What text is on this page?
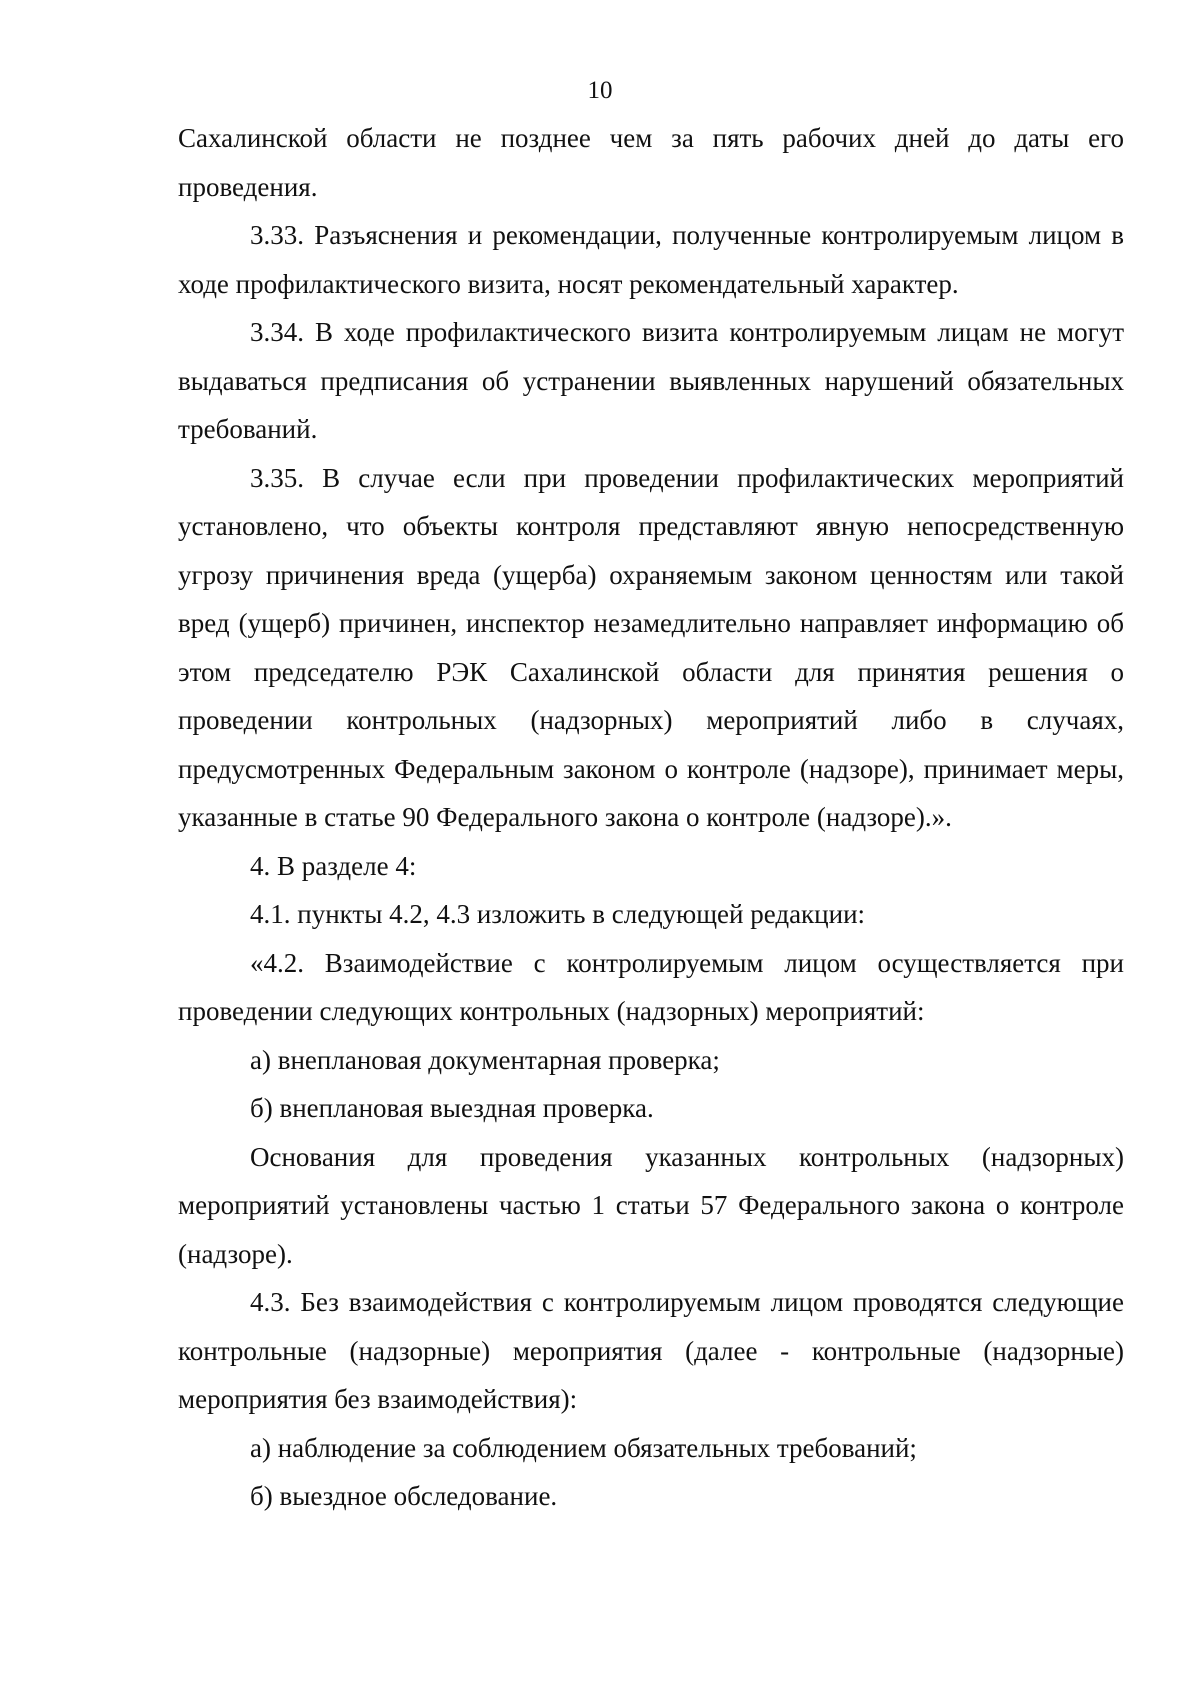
10

Сахалинской области не позднее чем за пять рабочих дней до даты его проведения.

3.33. Разъяснения и рекомендации, полученные контролируемым лицом в ходе профилактического визита, носят рекомендательный характер.

3.34. В ходе профилактического визита контролируемым лицам не могут выдаваться предписания об устранении выявленных нарушений обязательных требований.

3.35. В случае если при проведении профилактических мероприятий установлено, что объекты контроля представляют явную непосредственную угрозу причинения вреда (ущерба) охраняемым законом ценностям или такой вред (ущерб) причинен, инспектор незамедлительно направляет информацию об этом председателю РЭК Сахалинской области для принятия решения о проведении контрольных (надзорных) мероприятий либо в случаях, предусмотренных Федеральным законом о контроле (надзоре), принимает меры, указанные в статье 90 Федерального закона о контроле (надзоре).».

4. В разделе 4:

4.1. пункты 4.2, 4.3 изложить в следующей редакции:

«4.2. Взаимодействие с контролируемым лицом осуществляется при проведении следующих контрольных (надзорных) мероприятий:

а) внеплановая документарная проверка;

б) внеплановая выездная проверка.

Основания для проведения указанных контрольных (надзорных) мероприятий установлены частью 1 статьи 57 Федерального закона о контроле (надзоре).

4.3. Без взаимодействия с контролируемым лицом проводятся следующие контрольные (надзорные) мероприятия (далее - контрольные (надзорные) мероприятия без взаимодействия):

а) наблюдение за соблюдением обязательных требований;

б) выездное обследование.
